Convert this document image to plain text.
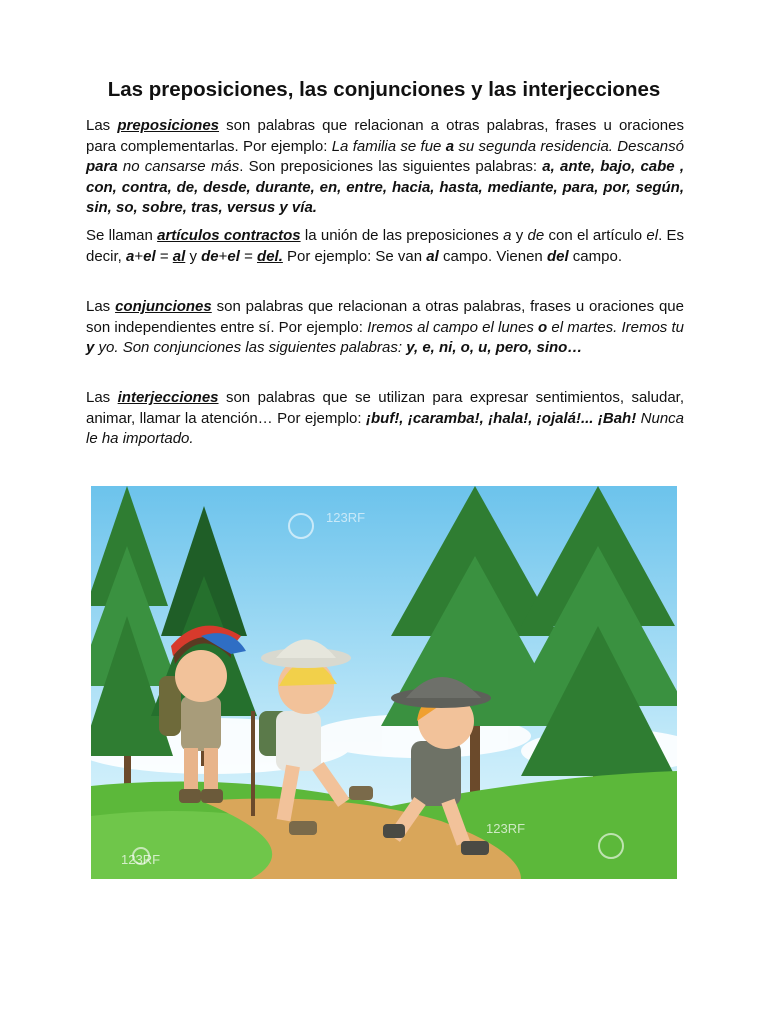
Las preposiciones, las conjunciones y las interjecciones

Las preposiciones son palabras que relacionan a otras palabras, frases u oraciones para complementarlas. Por ejemplo: La familia se fue a su segunda residencia. Descansó para no cansarse más. Son preposiciones las siguientes palabras: a, ante, bajo, cabe , con, contra, de, desde, durante, en, entre, hacia, hasta, mediante, para, por, según, sin, so, sobre, tras, versus y vía.

Se llaman artículos contractos la unión de las preposiciones a y de con el artículo el. Es decir, a+el = al y de+el = del. Por ejemplo: Se van al campo. Vienen del campo.

Las conjunciones son palabras que relacionan a otras palabras, frases u oraciones que son independientes entre sí. Por ejemplo: Iremos al campo el lunes o el martes. Iremos tu y yo. Son conjunciones las siguientes palabras: y, e, ni, o, u, pero, sino…

Las interjecciones son palabras que se utilizan para expresar sentimientos, saludar, animar, llamar la atención… Por ejemplo: ¡buf!, ¡caramba!, ¡hala!, ¡ojalá!... ¡Bah! Nunca le ha importado.

123RF
123RF
123RF
